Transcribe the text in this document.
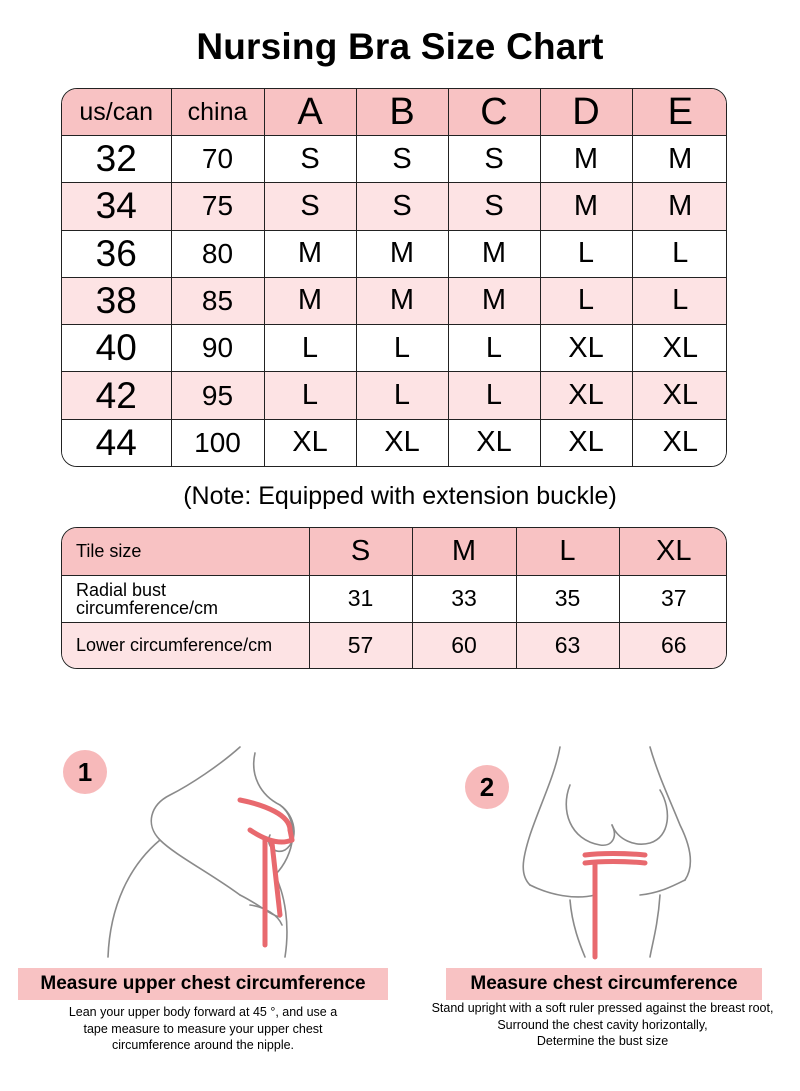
Nursing Bra Size Chart
us/can	china	A	B	C	D	E
32	70	S	S	S	M	M
34	75	S	S	S	M	M
36	80	M	M	M	L	L
38	85	M	M	M	L	L
40	90	L	L	L	XL	XL
42	95	L	L	L	XL	XL
44	100	XL	XL	XL	XL	XL
(Note: Equipped with extension buckle)
Tile size	S	M	L	XL

Radial bust
circumference/cm	31	33	35	37

Lower circumference/cm	57	60	63	66
1
Measure upper chest circumference
Lean your upper body forward at 45 °, and use a
tape measure to measure your upper chest
circumference around the nipple.
2
Measure chest circumference
Stand upright with a soft ruler pressed against the breast root,
Surround the chest cavity horizontally,
Determine the bust size
